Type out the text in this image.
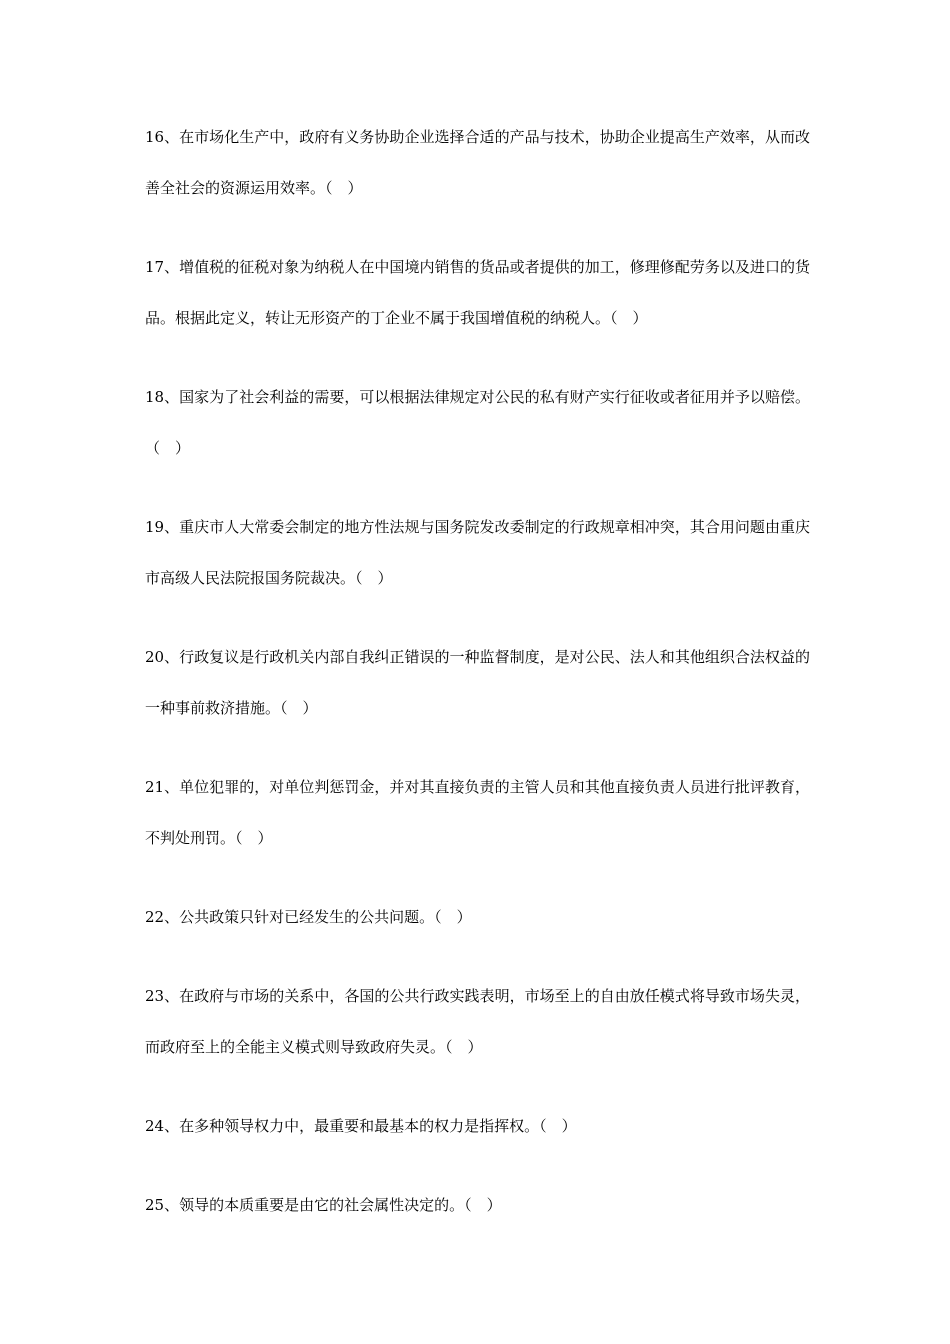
16、在市场化生产中，政府有义务协助企业选择合适的产品与技术，协助企业提高生产效率，从而改善全社会的资源运用效率。（　）

17、增值税的征税对象为纳税人在中国境内销售的货品或者提供的加工，修理修配劳务以及进口的货品。根据此定义，转让无形资产的丁企业不属于我国增值税的纳税人。（　）

18、国家为了社会利益的需要，可以根据法律规定对公民的私有财产实行征收或者征用并予以赔偿。（　）

19、重庆市人大常委会制定的地方性法规与国务院发改委制定的行政规章相冲突，其合用问题由重庆市高级人民法院报国务院裁决。（　）

20、行政复议是行政机关内部自我纠正错误的一种监督制度，是对公民、法人和其他组织合法权益的一种事前救济措施。（　）

21、单位犯罪的，对单位判惩罚金，并对其直接负责的主管人员和其他直接负责人员进行批评教育，不判处刑罚。（　）

22、公共政策只针对已经发生的公共问题。（　）

23、在政府与市场的关系中，各国的公共行政实践表明，市场至上的自由放任模式将导致市场失灵，而政府至上的全能主义模式则导致政府失灵。（　）

24、在多种领导权力中，最重要和最基本的权力是指挥权。（　）

25、领导的本质重要是由它的社会属性决定的。（　）
